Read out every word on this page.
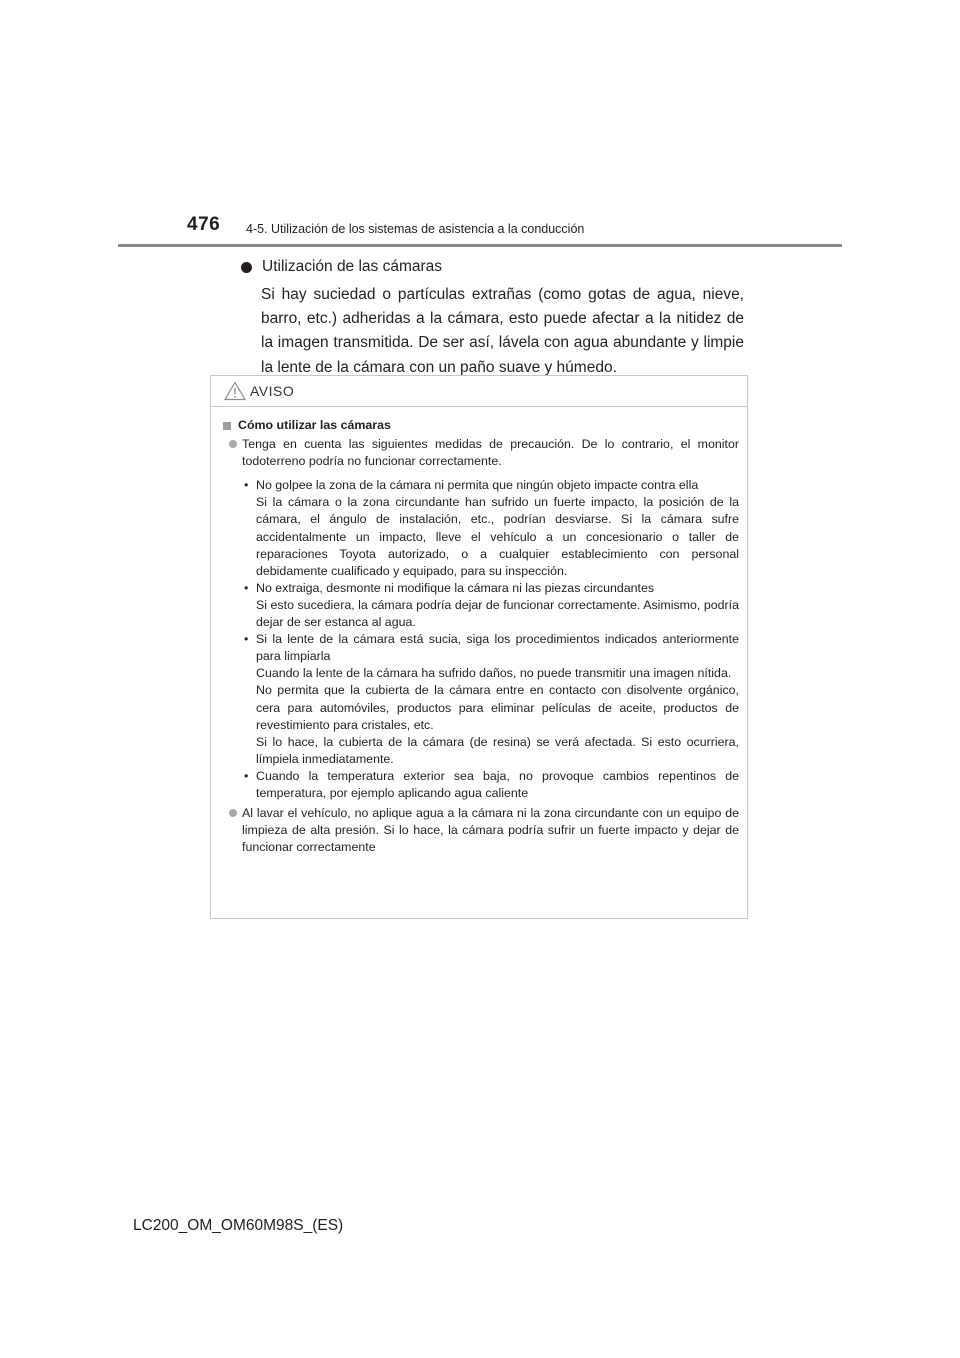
476 4-5. Utilización de los sistemas de asistencia a la conducción
Utilización de las cámaras

Si hay suciedad o partículas extrañas (como gotas de agua, nieve, barro, etc.) adheridas a la cámara, esto puede afectar a la nitidez de la imagen transmitida. De ser así, lávela con agua abundante y limpie la lente de la cámara con un paño suave y húmedo.

AVISO
Cómo utilizar las cámaras
Tenga en cuenta las siguientes medidas de precaución. De lo contrario, el monitor todoterreno podría no funcionar correctamente.
• No golpee la zona de la cámara ni permita que ningún objeto impacte contra ella
Si la cámara o la zona circundante han sufrido un fuerte impacto, la posición de la cámara, el ángulo de instalación, etc., podrían desviarse. Si la cámara sufre accidentalmente un impacto, lleve el vehículo a un concesionario o taller de reparaciones Toyota autorizado, o a cualquier establecimiento con personal debidamente cualificado y equipado, para su inspección.
• No extraiga, desmonte ni modifique la cámara ni las piezas circundantes
Si esto sucediera, la cámara podría dejar de funcionar correctamente. Asimismo, podría dejar de ser estanca al agua.
• Si la lente de la cámara está sucia, siga los procedimientos indicados anteriormente para limpiarla
Cuando la lente de la cámara ha sufrido daños, no puede transmitir una imagen nítida.
No permita que la cubierta de la cámara entre en contacto con disolvente orgánico, cera para automóviles, productos para eliminar películas de aceite, productos de revestimiento para cristales, etc.
Si lo hace, la cubierta de la cámara (de resina) se verá afectada. Si esto ocurriera, límpiela inmediatamente.
• Cuando la temperatura exterior sea baja, no provoque cambios repentinos de temperatura, por ejemplo aplicando agua caliente
Al lavar el vehículo, no aplique agua a la cámara ni la zona circundante con un equipo de limpieza de alta presión. Si lo hace, la cámara podría sufrir un fuerte impacto y dejar de funcionar correctamente
LC200_OM_OM60M98S_(ES)
